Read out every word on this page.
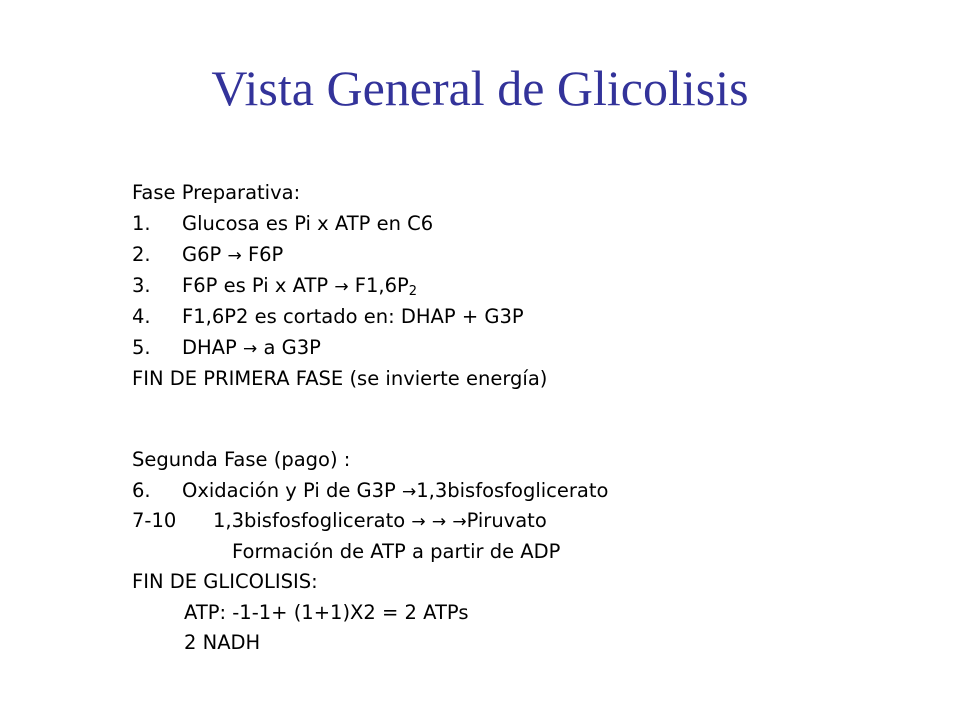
Vista General de Glicolisis
Fase Preparativa:
1. Glucosa es Pi x ATP en C6
2. G6P → F6P
3. F6P es Pi x ATP → $F1,6P_2$
4. F1,6P2 es cortado en: DHAP + G3P
5. DHAP → a G3P
FIN DE PRIMERA FASE (se invierte energía)
Segunda Fase (pago) :
6. Oxidación y Pi de G3P →1,3bisfosfoglicerato
7-10 1,3bisfosfoglicerato → → →Piruvato
Formación de ATP a partir de ADP
FIN DE GLICOLISIS:
ATP: -1-1+ (1+1)X2 = 2 ATPs
2 NADH
